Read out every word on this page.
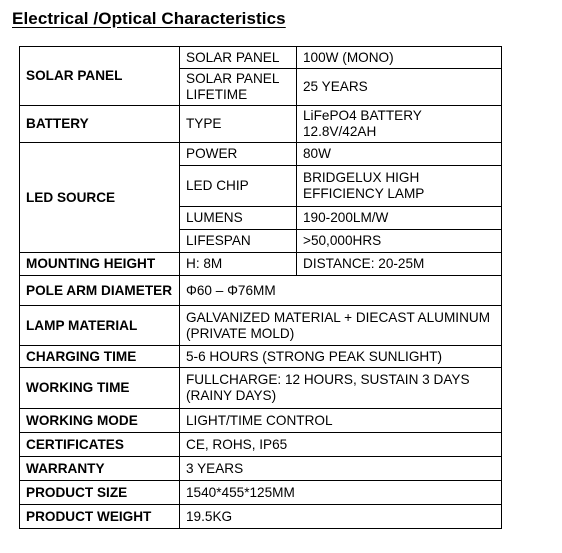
Electrical /Optical Characteristics
SOLAR PANEL	SOLAR PANEL	100W (MONO)
	SOLAR PANEL LIFETIME	25 YEARS
BATTERY	TYPE	LiFePO4 BATTERY 12.8V/42AH
LED SOURCE	POWER	80W
	LED CHIP	BRIDGELUX HIGH EFFICIENCY LAMP
	LUMENS	190-200LM/W
	LIFESPAN	>50,000HRS
MOUNTING HEIGHT	H: 8M	DISTANCE: 20-25M
POLE ARM DIAMETER	Φ60 – Φ76MM	
LAMP MATERIAL	GALVANIZED MATERIAL + DIECAST ALUMINUM (PRIVATE MOLD)	
CHARGING TIME	5-6 HOURS (STRONG PEAK SUNLIGHT)	
WORKING TIME	FULLCHARGE: 12 HOURS, SUSTAIN 3 DAYS (RAINY DAYS)	
WORKING MODE	LIGHT/TIME CONTROL	
CERTIFICATES	CE, ROHS, IP65	
WARRANTY	3 YEARS	
PRODUCT SIZE	1540*455*125MM	
PRODUCT WEIGHT	19.5KG	
